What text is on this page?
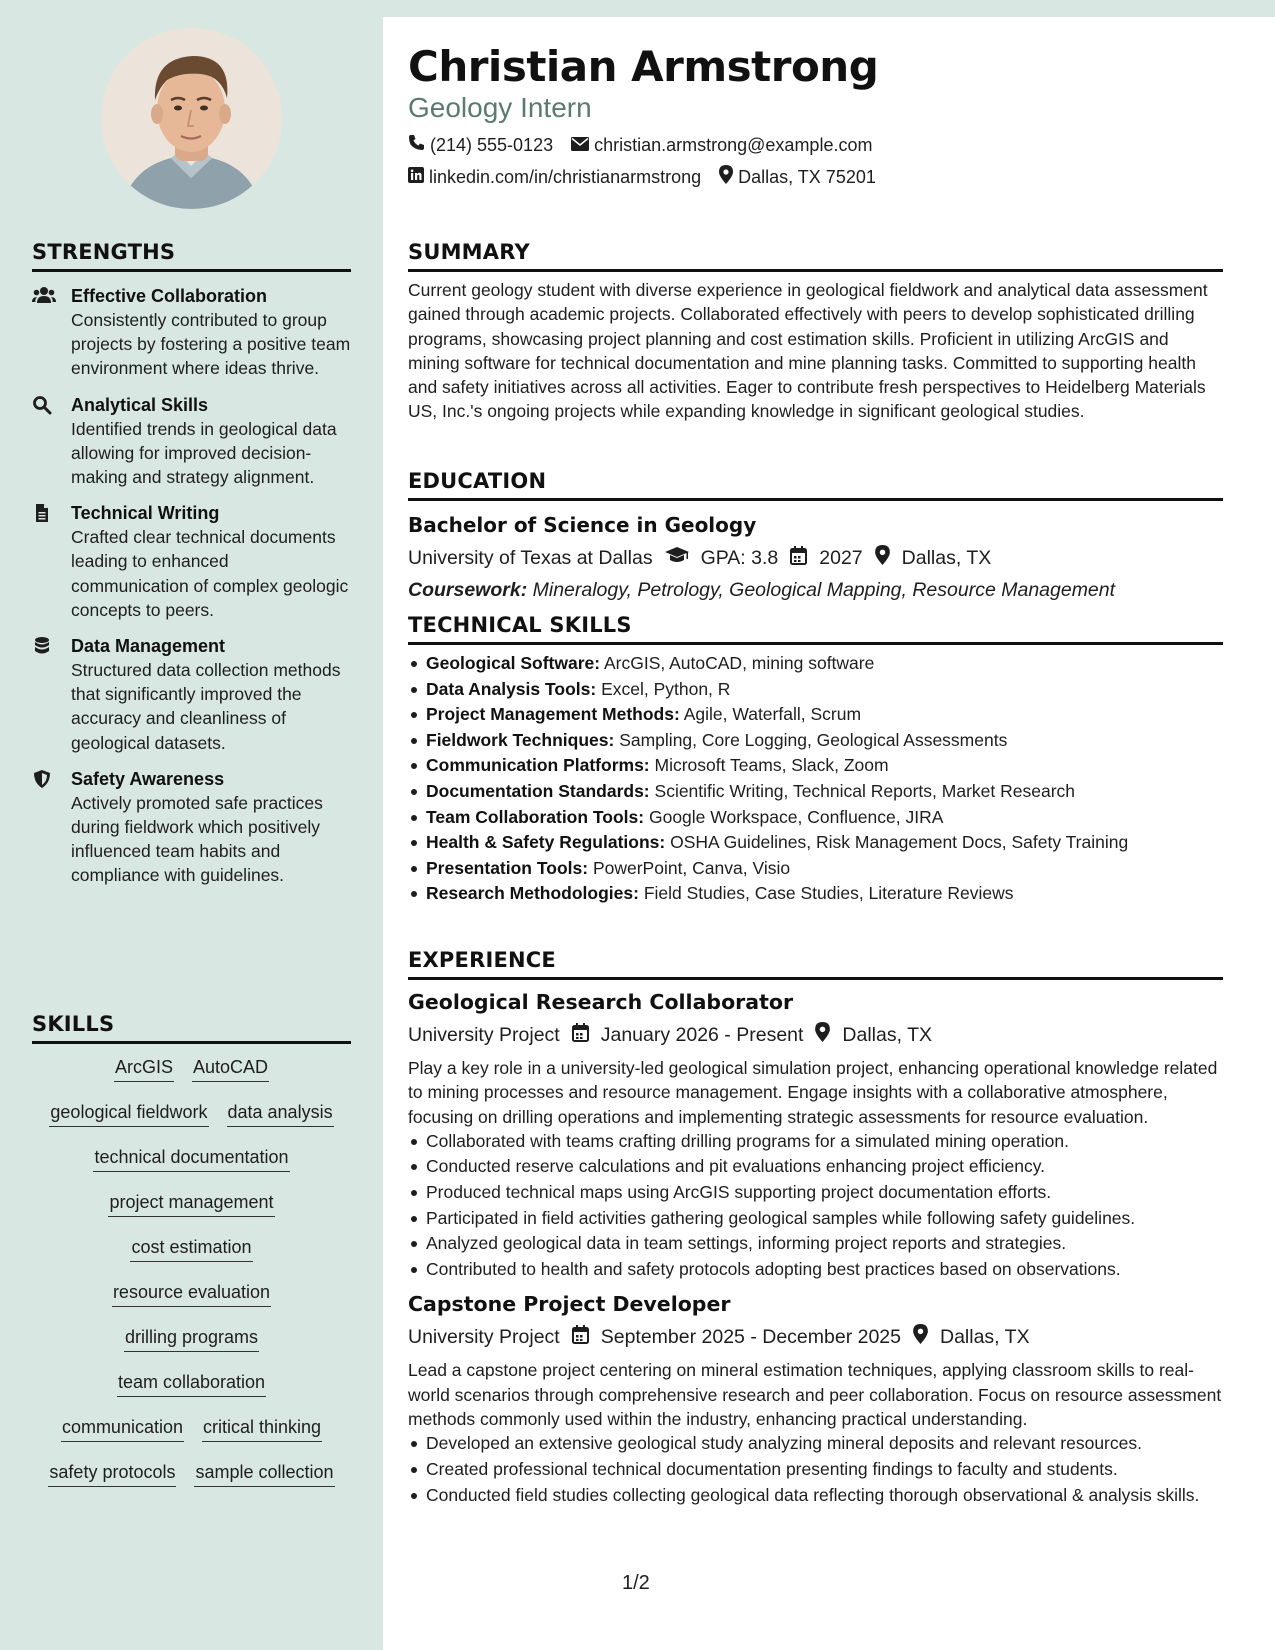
STRENGTHS
Effective Collaboration
Consistently contributed to group projects by fostering a positive team environment where ideas thrive.
Analytical Skills
Identified trends in geological data allowing for improved decision-making and strategy alignment.
Technical Writing
Crafted clear technical documents leading to enhanced communication of complex geologic concepts to peers.
Data Management
Structured data collection methods that significantly improved the accuracy and cleanliness of geological datasets.
Safety Awareness
Actively promoted safe practices during fieldwork which positively influenced team habits and compliance with guidelines.
SKILLS
ArcGIS AutoCAD
geological fieldwork data analysis
technical documentation
project management
cost estimation
resource evaluation
drilling programs
team collaboration
communication critical thinking
safety protocols sample collection
Christian Armstrong
Geology Intern
(214) 555-0123 christian.armstrong@example.com
linkedin.com/in/christianarmstrong Dallas, TX 75201
SUMMARY
Current geology student with diverse experience in geological fieldwork and analytical data assessment gained through academic projects. Collaborated effectively with peers to develop sophisticated drilling programs, showcasing project planning and cost estimation skills. Proficient in utilizing ArcGIS and mining software for technical documentation and mine planning tasks. Committed to supporting health and safety initiatives across all activities. Eager to contribute fresh perspectives to Heidelberg Materials US, Inc.'s ongoing projects while expanding knowledge in significant geological studies.
EDUCATION
Bachelor of Science in Geology
University of Texas at Dallas GPA: 3.8 2027 Dallas, TX
Coursework: Mineralogy, Petrology, Geological Mapping, Resource Management
TECHNICAL SKILLS
Geological Software: ArcGIS, AutoCAD, mining software
Data Analysis Tools: Excel, Python, R
Project Management Methods: Agile, Waterfall, Scrum
Fieldwork Techniques: Sampling, Core Logging, Geological Assessments
Communication Platforms: Microsoft Teams, Slack, Zoom
Documentation Standards: Scientific Writing, Technical Reports, Market Research
Team Collaboration Tools: Google Workspace, Confluence, JIRA
Health & Safety Regulations: OSHA Guidelines, Risk Management Docs, Safety Training
Presentation Tools: PowerPoint, Canva, Visio
Research Methodologies: Field Studies, Case Studies, Literature Reviews
EXPERIENCE
Geological Research Collaborator
University Project January 2026 - Present Dallas, TX
Play a key role in a university-led geological simulation project, enhancing operational knowledge related to mining processes and resource management. Engage insights with a collaborative atmosphere, focusing on drilling operations and implementing strategic assessments for resource evaluation.
Collaborated with teams crafting drilling programs for a simulated mining operation.
Conducted reserve calculations and pit evaluations enhancing project efficiency.
Produced technical maps using ArcGIS supporting project documentation efforts.
Participated in field activities gathering geological samples while following safety guidelines.
Analyzed geological data in team settings, informing project reports and strategies.
Contributed to health and safety protocols adopting best practices based on observations.
Capstone Project Developer
University Project September 2025 - December 2025 Dallas, TX
Lead a capstone project centering on mineral estimation techniques, applying classroom skills to real-world scenarios through comprehensive research and peer collaboration. Focus on resource assessment methods commonly used within the industry, enhancing practical understanding.
Developed an extensive geological study analyzing mineral deposits and relevant resources.
Created professional technical documentation presenting findings to faculty and students.
Conducted field studies collecting geological data reflecting thorough observational & analysis skills.
1/2
